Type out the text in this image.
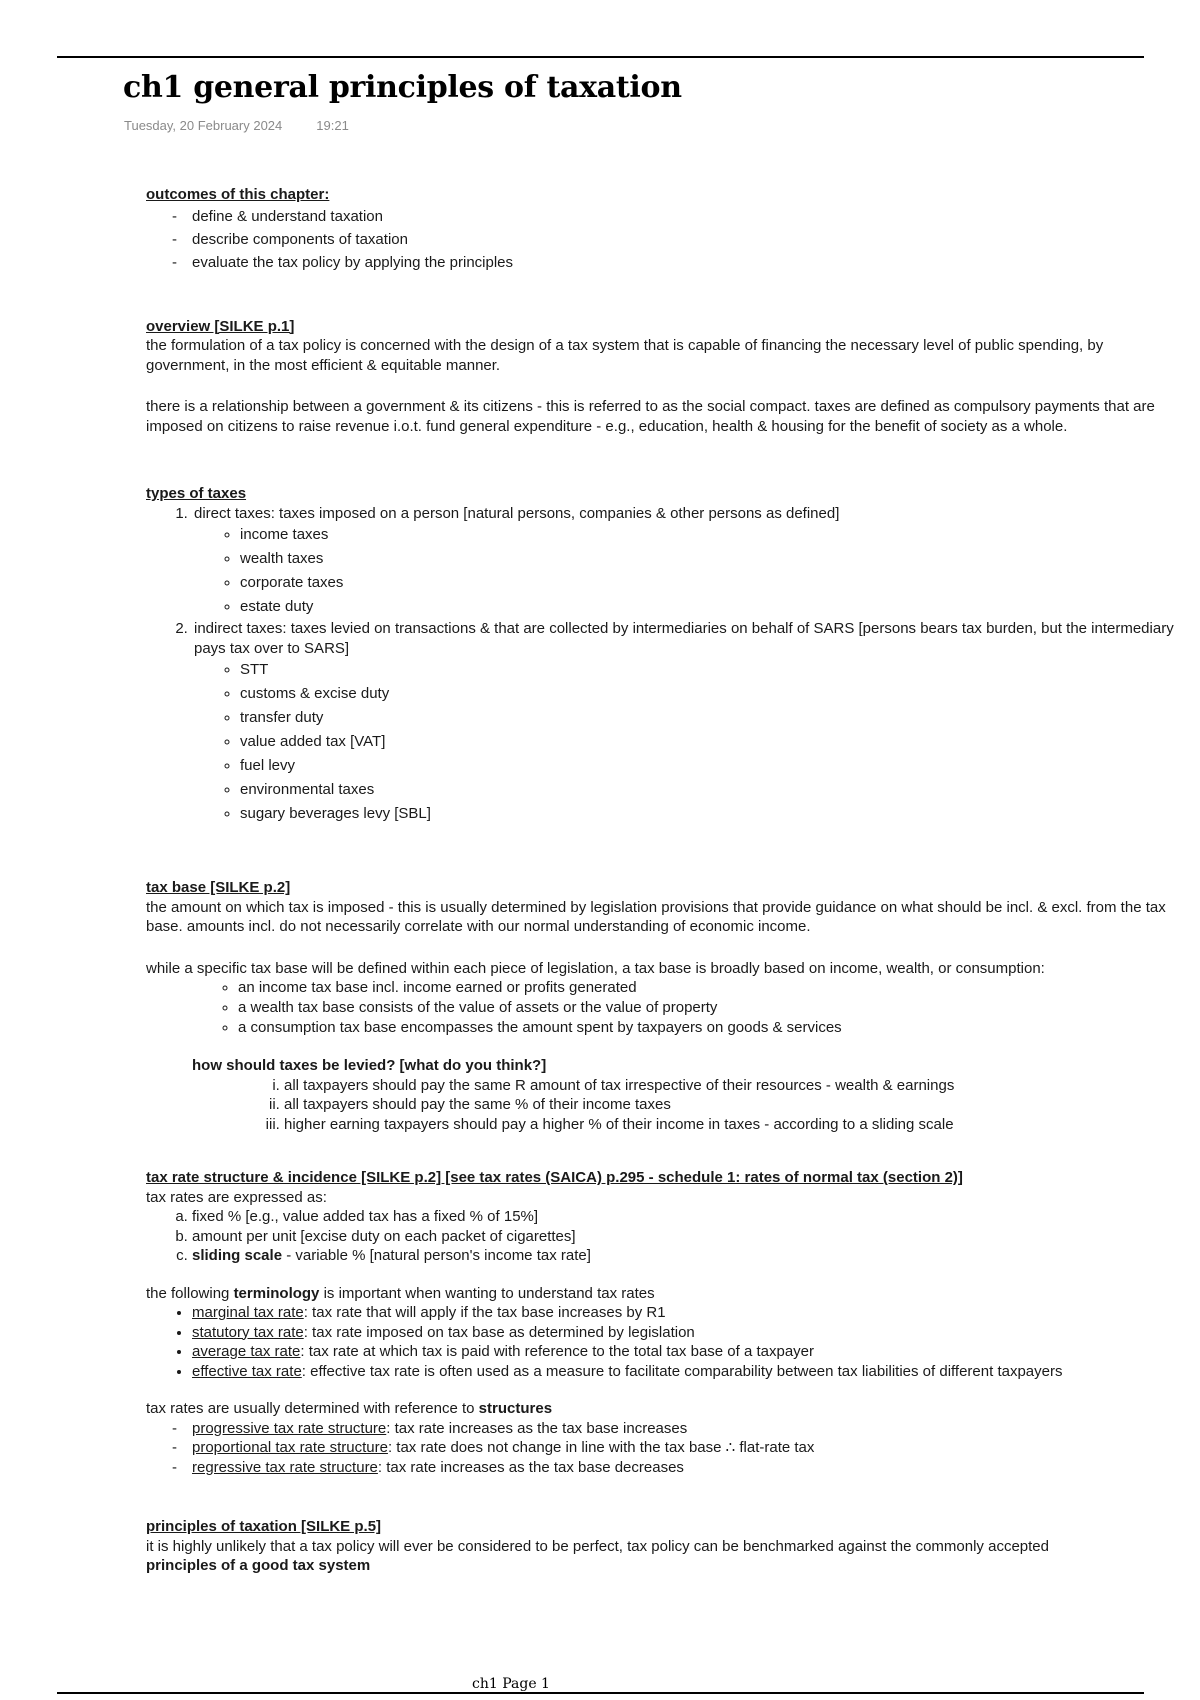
ch1 general principles of taxation
Tuesday, 20 February 2024	19:21

outcomes of this chapter:

- define & understand taxation
- describe components of taxation
- evaluate the tax policy by applying the principles

overview [SILKE p.1]

the formulation of a tax policy is concerned with the design of a tax system that is capable of financing the necessary level of public spending, by government, in the most efficient & equitable manner.

there is a relationship between a government & its citizens - this is referred to as the social compact. taxes are defined as compulsory payments that are imposed on citizens to raise revenue i.o.t. fund general expenditure - e.g., education, health & housing for the benefit of society as a whole.

types of taxes

1. direct taxes: taxes imposed on a person [natural persons, companies & other persons as defined]
◦ income taxes
◦ wealth taxes
◦ corporate taxes
◦ estate duty
2. indirect taxes: taxes levied on transactions & that are collected by intermediaries on behalf of SARS [persons bears tax burden, but the intermediary pays tax over to SARS]
◦ STT
◦ customs & excise duty
◦ transfer duty
◦ value added tax [VAT]
◦ fuel levy
◦ environmental taxes
◦ sugary beverages levy [SBL]

tax base [SILKE p.2]

the amount on which tax is imposed - this is usually determined by legislation provisions that provide guidance on what should be incl. & excl. from the tax base. amounts incl. do not necessarily correlate with our normal understanding of economic income.

while a specific tax base will be defined within each piece of legislation, a tax base is broadly based on income, wealth, or consumption:

◦ an income tax base incl. income earned or profits generated
◦ a wealth tax base consists of the value of assets or the value of property
◦ a consumption tax base encompasses the amount spent by taxpayers on goods & services

how should taxes be levied? [what do you think?]

i. all taxpayers should pay the same R amount of tax irrespective of their resources - wealth & earnings
ii. all taxpayers should pay the same % of their income taxes
iii. higher earning taxpayers should pay a higher % of their income in taxes - according to a sliding scale

tax rate structure & incidence [SILKE p.2] [see tax rates (SAICA) p.295 - schedule 1: rates of normal tax (section 2)]

tax rates are expressed as:

a. fixed % [e.g., value added tax has a fixed % of 15%]
b. amount per unit [excise duty on each packet of cigarettes]
c. sliding scale - variable % [natural person's income tax rate]

the following terminology is important when wanting to understand tax rates

• marginal tax rate: tax rate that will apply if the tax base increases by R1
• statutory tax rate: tax rate imposed on tax base as determined by legislation
• average tax rate: tax rate at which tax is paid with reference to the total tax base of a taxpayer
• effective tax rate: effective tax rate is often used as a measure to facilitate comparability between tax liabilities of different taxpayers

tax rates are usually determined with reference to structures

- progressive tax rate structure: tax rate increases as the tax base increases
- proportional tax rate structure: tax rate does not change in line with the tax base ∴ flat-rate tax
- regressive tax rate structure: tax rate increases as the tax base decreases

principles of taxation [SILKE p.5]

it is highly unlikely that a tax policy will ever be considered to be perfect, tax policy can be benchmarked against the commonly accepted

principles of a good tax system

ch1 Page 1
